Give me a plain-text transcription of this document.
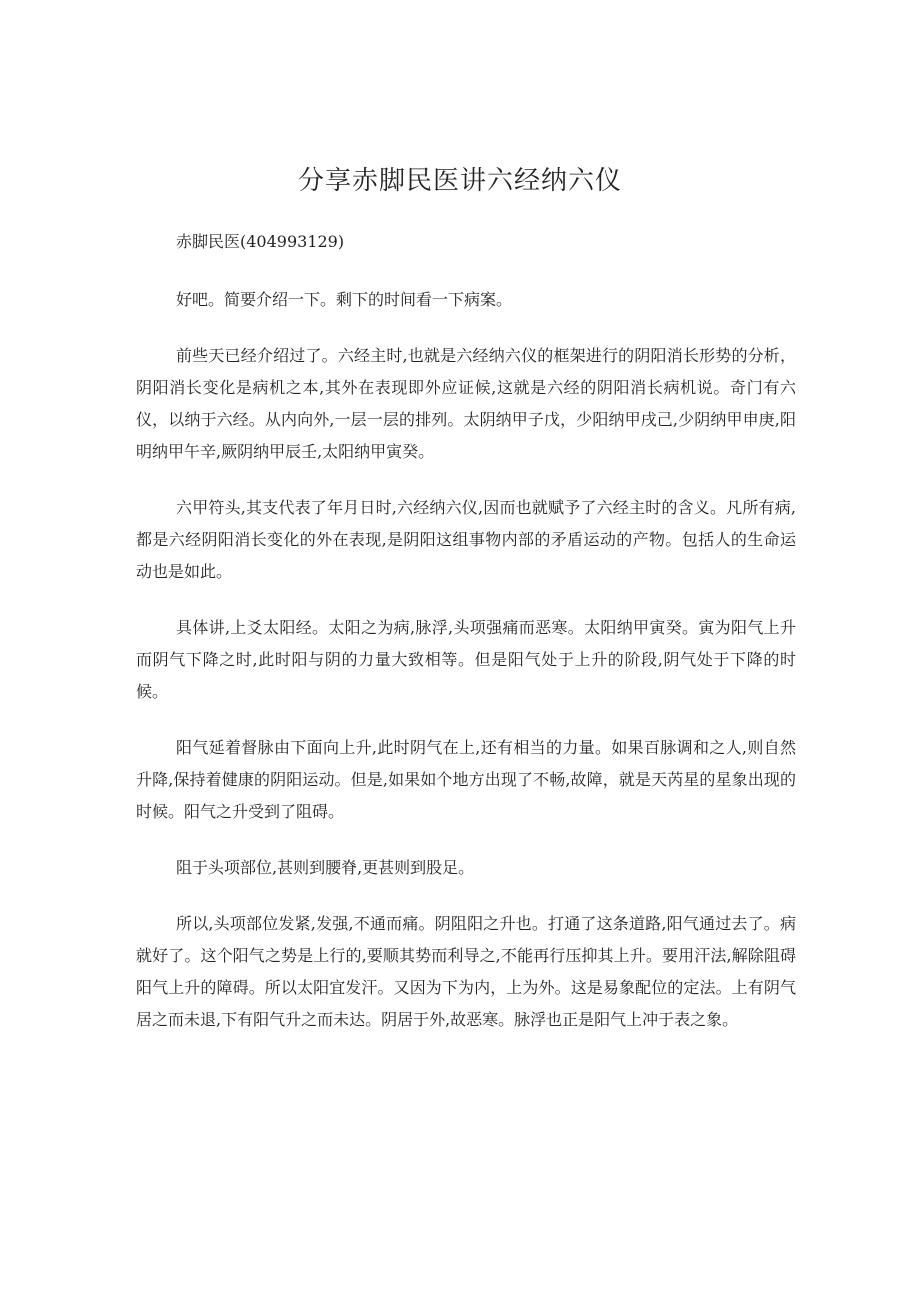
分享赤脚民医讲六经纳六仪
赤脚民医(404993129)

好吧。简要介绍一下。剩下的时间看一下病案。

前些天已经介绍过了。六经主时,也就是六经纳六仪的框架进行的阴阳消长形势的分析，阴阳消长变化是病机之本,其外在表现即外应证候,这就是六经的阴阳消长病机说。奇门有六仪，以纳于六经。从内向外,一层一层的排列。太阴纳甲子戊，少阳纳甲戌己,少阴纳甲申庚,阳明纳甲午辛,厥阴纳甲辰壬,太阳纳甲寅癸。

六甲符头,其支代表了年月日时,六经纳六仪,因而也就赋予了六经主时的含义。凡所有病,都是六经阴阳消长变化的外在表现,是阴阳这组事物内部的矛盾运动的产物。包括人的生命运动也是如此。

具体讲,上爻太阳经。太阳之为病,脉浮,头项强痛而恶寒。太阳纳甲寅癸。寅为阳气上升而阴气下降之时,此时阳与阴的力量大致相等。但是阳气处于上升的阶段,阴气处于下降的时候。

阳气延着督脉由下面向上升,此时阴气在上,还有相当的力量。如果百脉调和之人,则自然升降,保持着健康的阴阳运动。但是,如果如个地方出现了不畅,故障，就是天芮星的星象出现的时候。阳气之升受到了阻碍。

阻于头项部位,甚则到腰脊,更甚则到股足。

所以,头项部位发紧,发强,不通而痛。阴阻阳之升也。打通了这条道路,阳气通过去了。病就好了。这个阳气之势是上行的,要顺其势而利导之,不能再行压抑其上升。要用汗法,解除阻碍阳气上升的障碍。所以太阳宜发汗。又因为下为内，上为外。这是易象配位的定法。上有阴气居之而未退,下有阳气升之而未达。阴居于外,故恶寒。脉浮也正是阳气上冲于表之象。
